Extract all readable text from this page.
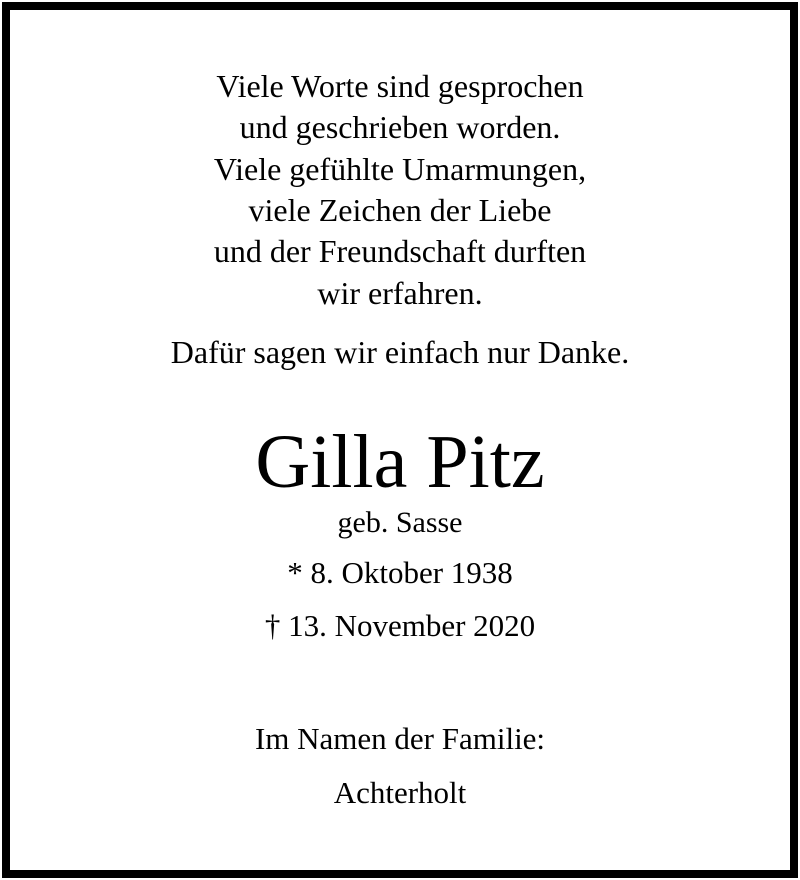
Viele Worte sind gesprochen
und geschrieben worden.
Viele gefühlte Umarmungen,
viele Zeichen der Liebe
und der Freundschaft durften
wir erfahren.
Dafür sagen wir einfach nur Danke.
Gilla Pitz
geb. Sasse
* 8. Oktober 1938
† 13. November 2020
Im Namen der Familie:
Achterholt
